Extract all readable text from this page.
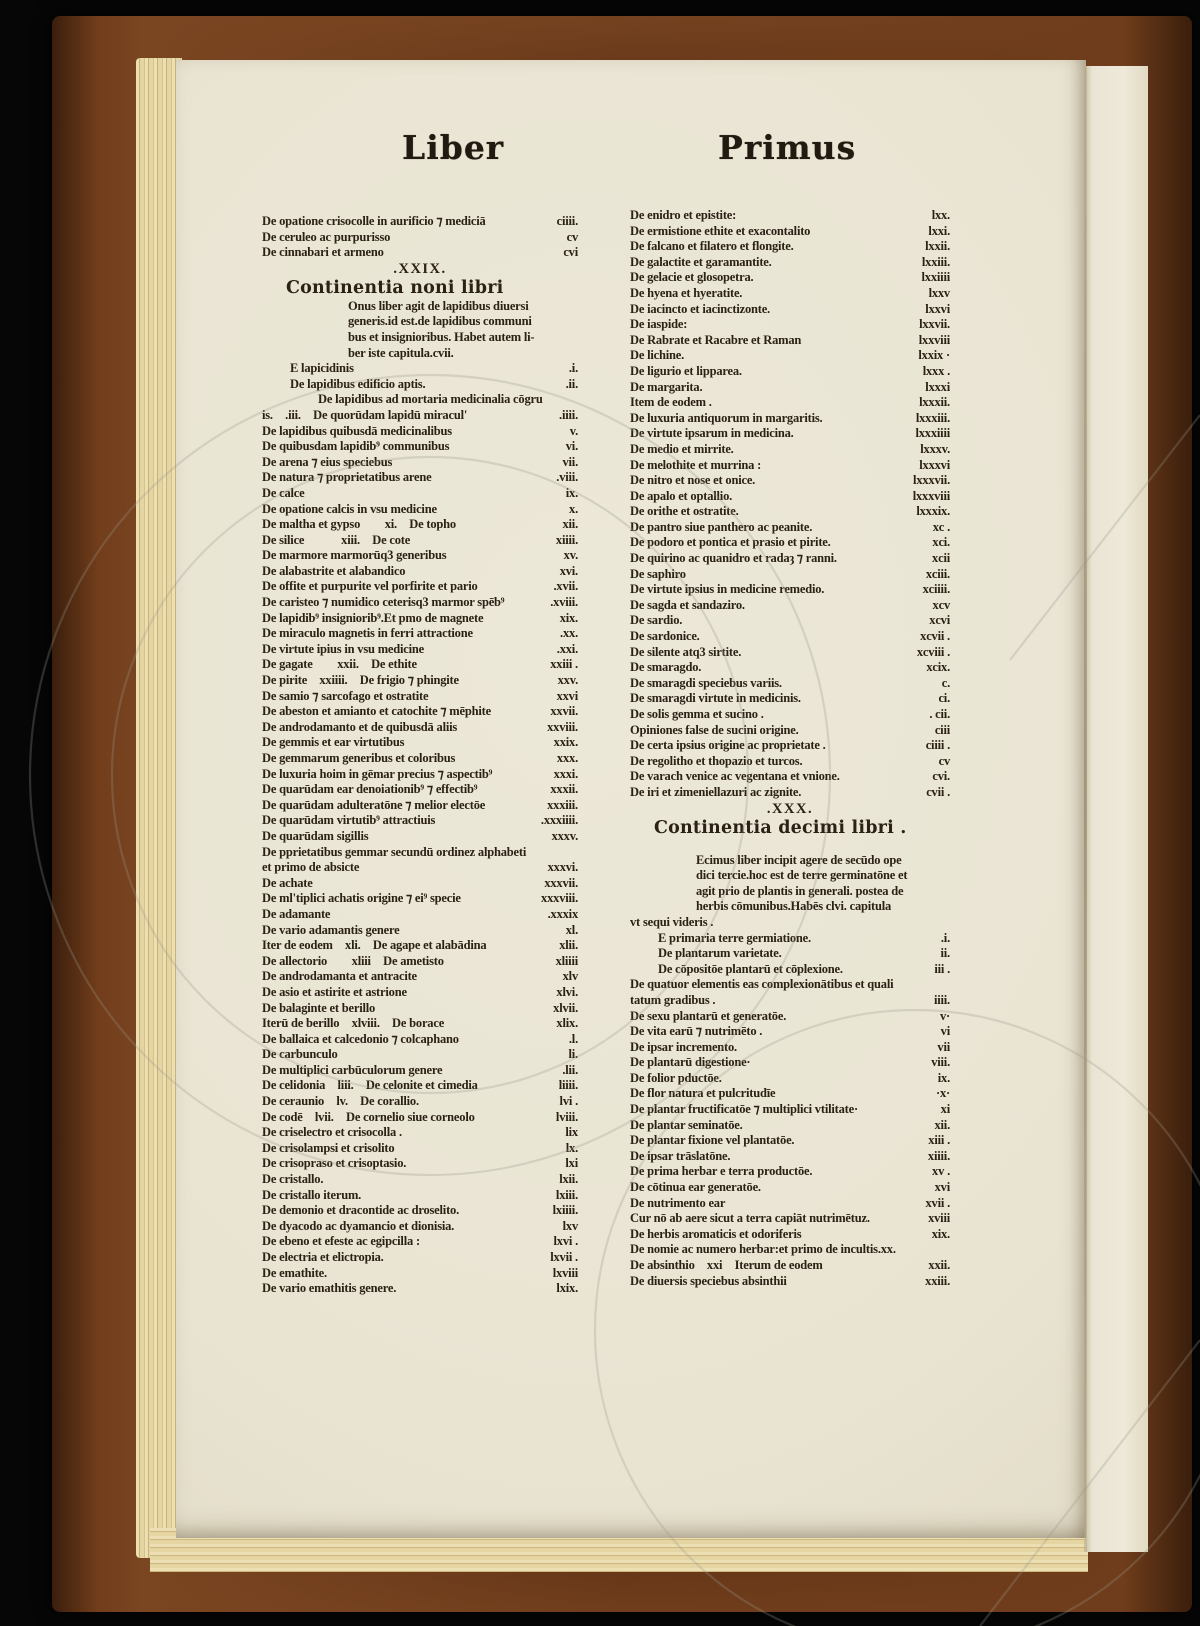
Liber	Primus
De opatione crisocolle in aurificio ⁊ mediciā	ciiii.
De ceruleo ac purpurisso	cv
De cinnabari et armeno	cvi
.XXIX.
Continentia noni libri
Onus liber agit de lapidibus diuersi
generis.id est.de lapidibus communi
bus et insignioribus. Habet autem li-
ber iste capitula.cvii.
E lapicidinis	.i.
De lapidibus edificio aptis.	.ii.
De lapidibus ad mortaria medicinalia cōgru
is. .iii. De quorūdam lapidū miracul'	.iiii.
De lapidibus quibusdā medicinalibus	v.
De quibusdam lapidib⁹ communibus	vi.
De arena ⁊ eius speciebus	vii.
De natura ⁊ proprietatibus arene	.viii.
De calce	ix.
De opatione calcis in vsu medicine	x.
De maltha et gypso  xi. De topho	xii.
De silice   xiii. De cote	xiiii.
De marmore marmorūq3 generibus	xv.
De alabastrite et alabandico	xvi.
De offite et purpurite vel porfirite et pario	.xvii.
De caristeo ⁊ numidico ceterisq3 marmor spēb⁹	.xviii.
De lapidib⁹ insigniorib⁹.Et pmo de magnete	xix.
De miraculo magnetis in ferri attractione	.xx.
De virtute ipius in vsu medicine	.xxi.
De gagate  xxii. De ethite	xxiii .
De pirite xxiiii. De frigio ⁊ phingite	xxv.
De samio ⁊ sarcofago et ostratite	xxvi
De abeston et amianto et catochite ⁊ mēphite	xxvii.
De androdamanto et de quibusdā aliis	xxviii.
De gemmis et ear virtutibus	xxix.
De gemmarum generibus et coloribus	xxx.
De luxuria hoim in gēmar precius ⁊ aspectib⁹	xxxi.
De quarūdam ear denoiationib⁹ ⁊ effectib⁹	xxxii.
De quarūdam adulteratōne ⁊ melior electōe	xxxiii.
De quarūdam virtutib⁹ attractiuis	.xxxiiii.
De quarūdam sigillis	xxxv.
De pprietatibus gemmar secundū ordinez alphabeti
et primo de absicte	xxxvi.
De achate	xxxvii.
De ml'tiplici achatis origine ⁊ ei⁹ specie	xxxviii.
De adamante	.xxxix
De vario adamantis genere	xl.
Iter de eodem xli. De agape et alabādina	xlii.
De allectorio  xliii De ametisto	xliiii
De androdamanta et antracite	xlv
De asio et astirite et astrione	xlvi.
De balaginte et berillo	xlvii.
Iterū de berillo xlviii. De borace	xlix.
De ballaica et calcedonio ⁊ colcaphano	.l.
De carbunculo	li.
De multiplici carbūculorum genere	.lii.
De celidonia liii. De celonite et cimedia	liiii.
De ceraunio lv. De corallio.	lvi .
De codē lvii. De cornelio siue corneolo	lviii.
De criselectro et crisocolla .	lix
De crisolampsi et crisolito	lx.
De crisopraso et crisoptasio.	lxi
De cristallo.	lxii.
De cristallo iterum.	lxiii.
De demonio et dracontide ac droselito.	lxiiii.
De dyacodo ac dyamancio et dionisia.	lxv
De ebeno et efeste ac egipcilla :	lxvi .
De electria et elictropia.	lxvii .
De emathite.	lxviii
De vario emathitis genere.	lxix.
De enidro et epistite:	lxx.
De ermistione ethite et exacontalito	lxxi.
De falcano et filatero et flongite.	lxxii.
De galactite et garamantite.	lxxiii.
De gelacie et glosopetra.	lxxiiii
De hyena et hyeratite.	lxxv
De iacincto et iacinctizonte.	lxxvi
De iaspide:	lxxvii.
De Rabrate et Racabre et Raman	lxxviii
De lichine.	lxxix ·
De ligurio et lipparea.	lxxx .
De margarita.	lxxxi
Item de eodem .	lxxxii.
De luxuria antiquorum in margaritis.	lxxxiii.
De virtute ipsarum in medicina.	lxxxiiii
De medio et mirrite.	lxxxv.
De melothite et murrina :	lxxxvi
De nitro et nose et onice.	lxxxvii.
De apalo et optallio.	lxxxviii
De orithe et ostratite.	lxxxix.
De pantro siue panthero ac peanite.	xc .
De podoro et pontica et prasio et pirite.	xci.
De quirino ac quanidro et radaȝ ⁊ ranni.	xcii
De saphiro	xciii.
De virtute ipsius in medicine remedio.	xciiii.
De sagda et sandaziro.	xcv
De sardio.	xcvi
De sardonice.	xcvii .
De silente atq3 sirtite.	xcviii .
De smaragdo.	xcix.
De smaragdi speciebus variis.	c.
De smaragdi virtute in medicinis.	ci.
De solis gemma et sucino .	. cii.
Opiniones false de sucini origine.	ciii
De certa ipsius origine ac proprietate .	ciiii .
De regolitho et thopazio et turcos.	cv
De varach venice ac vegentana et vnione.	cvi.
De iri et zimeniellazuri ac zignite.	cvii .
.XXX.
Continentia decimi libri .
Ecimus liber incipit agere de secūdo ope
dici tercie.hoc est de terre germinatōne et
agit prio de plantis in generali. postea de
herbis cōmunibus.Habēs clvi. capitula
vt sequi videris .
E primaria terre germiatione.	.i.
De plantarum varietate.	ii.
De cōpositōe plantarū et cōplexione.	iii .
De quatuor elementis eas complexionātibus et quali
tatum gradibus .	iiii.
De sexu plantarū et generatōe.	v·
De vita earū ⁊ nutrimēto .	vi
De ipsar incremento.	vii
De plantarū digestione·	viii.
De folior pductōe.	ix.
De flor natura et pulcritudīe	·x·
De plantar fructificatōe ⁊ multiplici vtilitate·	xi
De plantar seminatōe.	xii.
De plantar fixione vel plantatōe.	xiii .
De ipsar trāslatōne.	xiiii.
De prima herbar e terra productōe.	xv .
De cōtinua ear generatōe.	xvi
De nutrimento ear	xvii .
Cur nō ab aere sicut a terra capiāt nutrimētuz.	xviii
De herbis aromaticis et odoriferis	xix.
De nomie ac numero herbar:et primo de incultis.xx.
De absinthio xxi Iterum de eodem	xxii.
De diuersis speciebus absinthii	xxiii.
